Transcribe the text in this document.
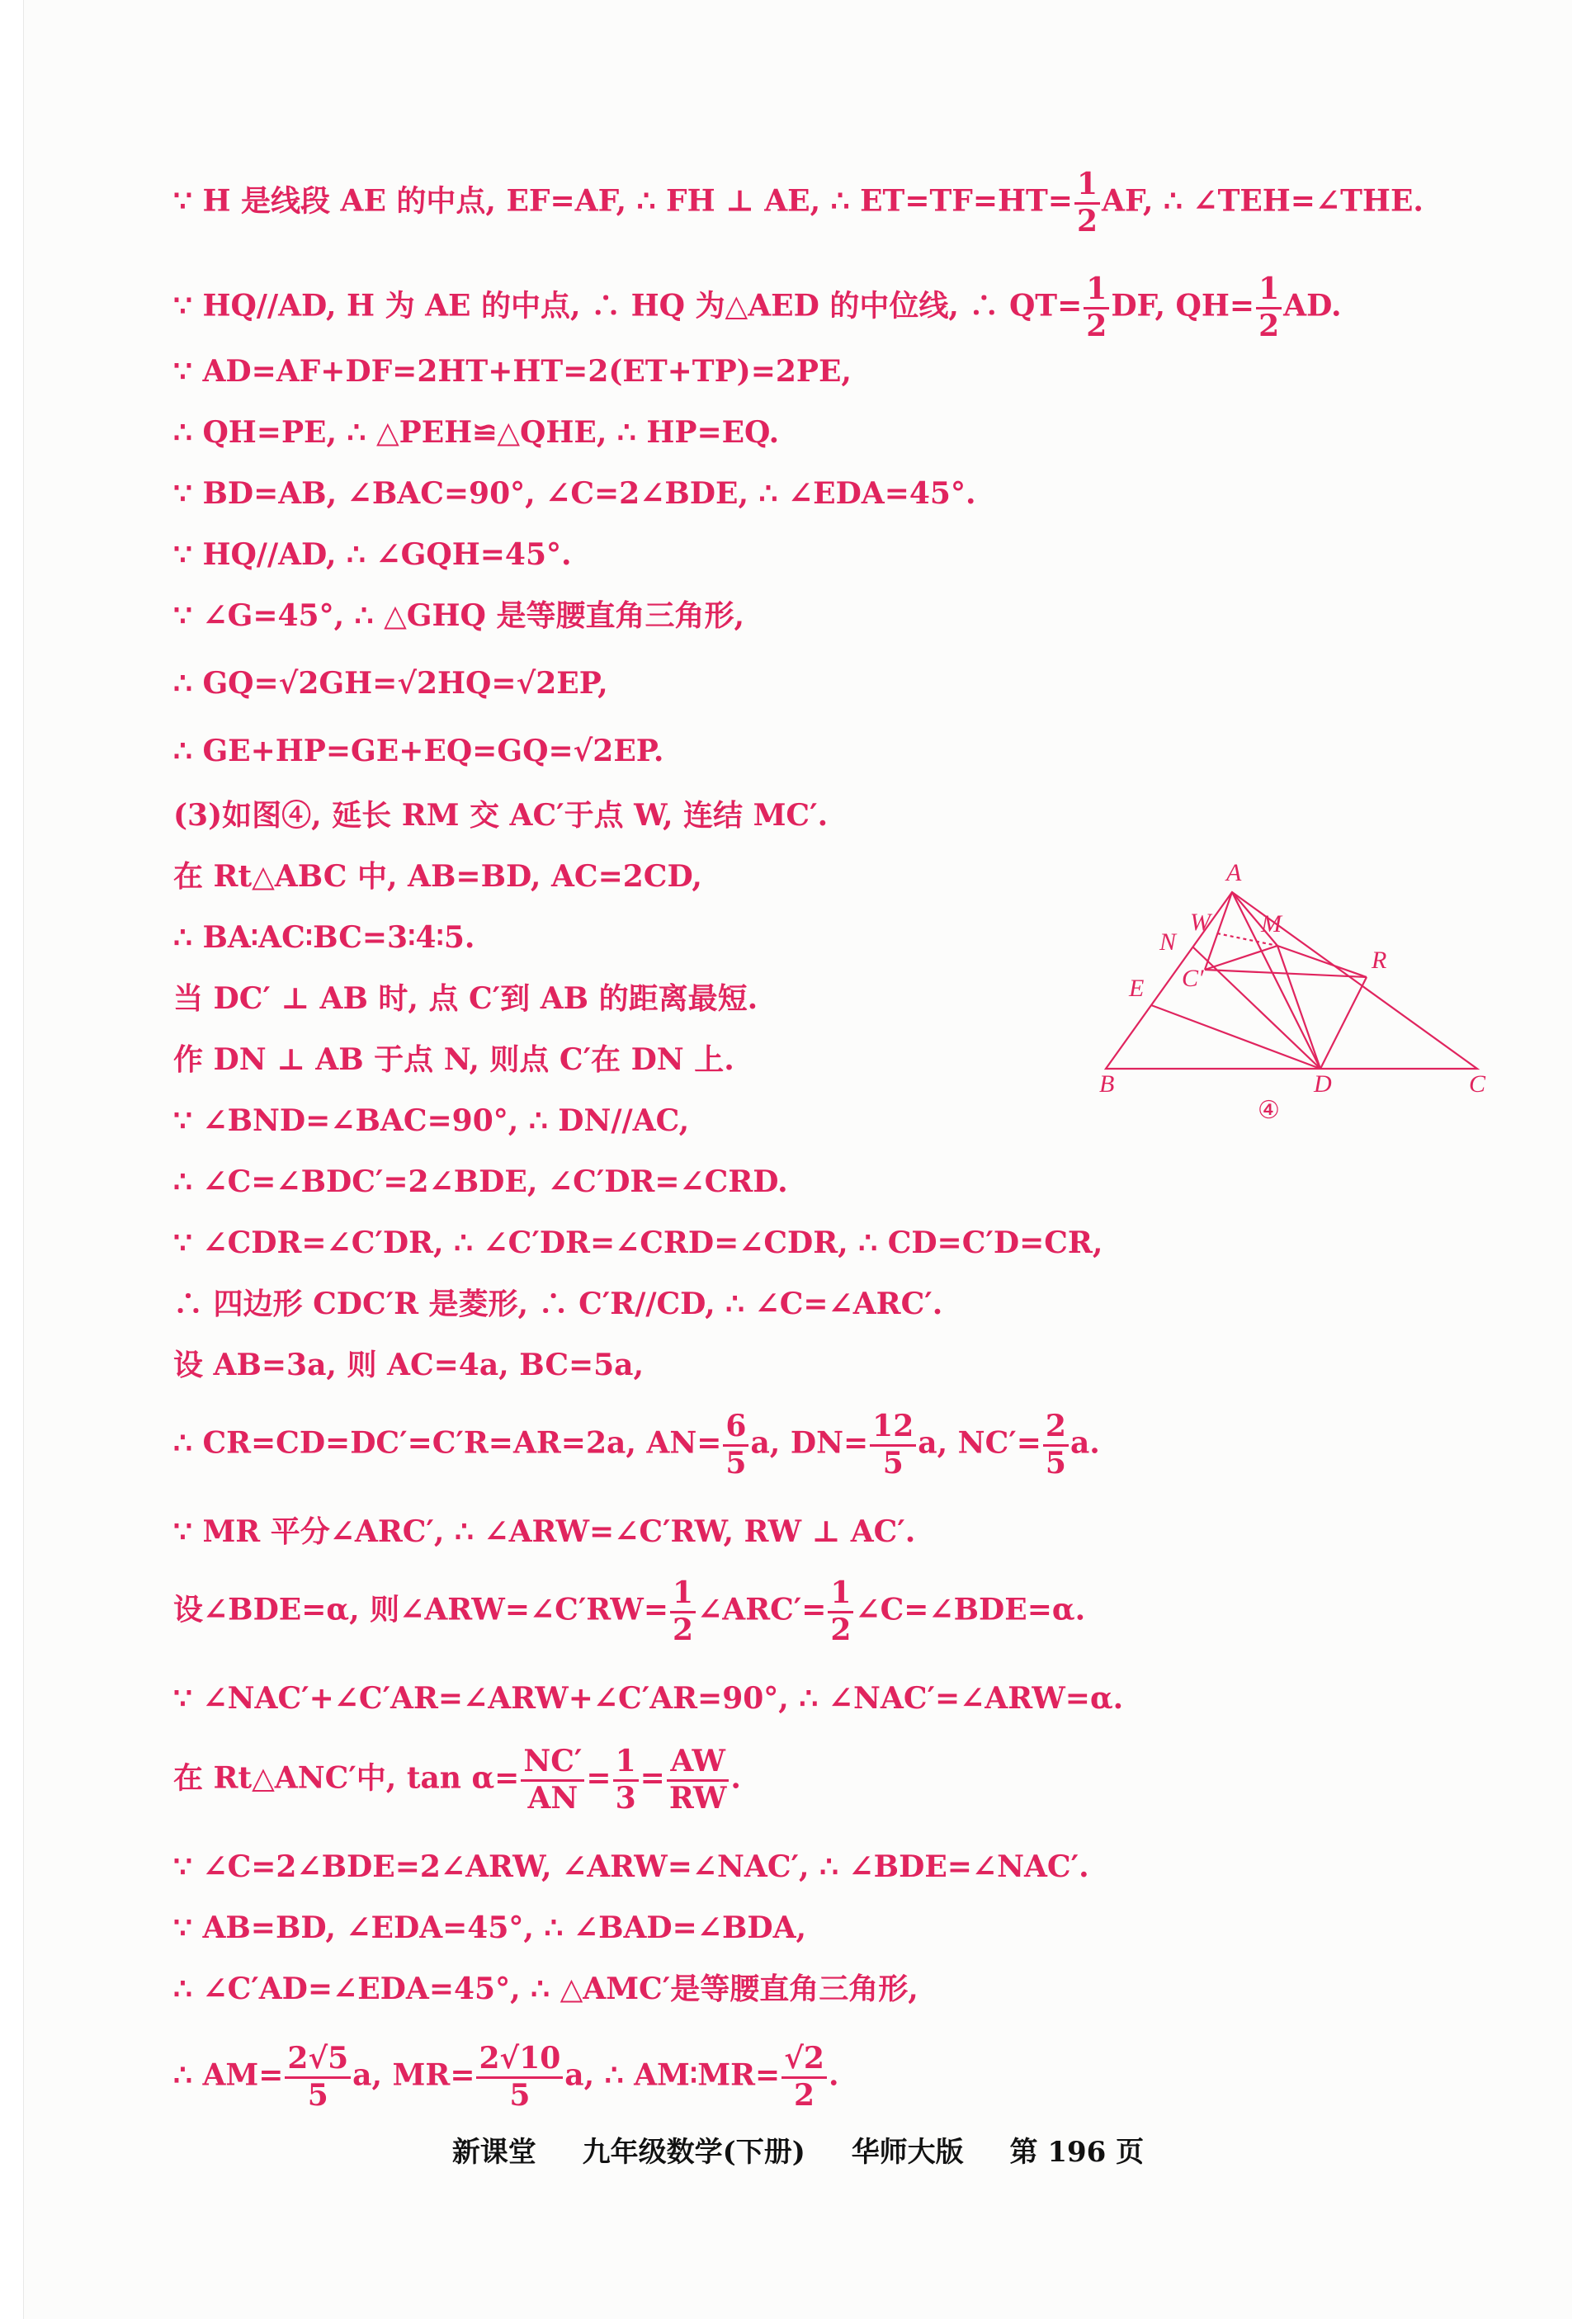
∵ H 是线段 AE 的中点, EF=AF, ∴ FH ⊥ AE, ∴ $ET=TF=HT= \frac{1}{2}$ AF, ∴ ∠TEH=∠THE.
∵ HQ//AD, H 为 AE 的中点, ∴ HQ 为△AED 的中位线, ∴ $QT= \frac{1}{2}$ DF, $QH= \frac{1}{2}$ AD.
∵ AD=AF+DF=2HT+HT=2(ET+TP)=2PE,
∴ QH=PE, ∴ △PEH≌△QHE, ∴ HP=EQ.
∵ BD=AB, ∠BAC=90°, ∠C=2∠BDE, ∴ ∠EDA=45°.
∵ HQ//AD, ∴ ∠GQH=45°.
∵ ∠G=45°, ∴ △GHQ 是等腰直角三角形,
∴ GQ=√2GH=√2HQ=√2EP,
∴ GE+HP=GE+EQ=GQ=√2EP.
(3)如图④, 延长 RM 交 AC′于点 W, 连结 MC′.
在 Rt△ABC 中, AB=BD, AC=2CD,
∴ BA∶AC∶BC=3∶4∶5.
当 DC′ ⊥ AB 时, 点 C′到 AB 的距离最短.
作 DN ⊥ AB 于点 N, 则点 C′在 DN 上.
∵ ∠BND=∠BAC=90°, ∴ DN//AC,
∴ ∠C=∠BDC′=2∠BDE, ∠C′DR=∠CRD.
∵ ∠CDR=∠C′DR, ∴ ∠C′DR=∠CRD=∠CDR, ∴ CD=C′D=CR,
∴ 四边形 CDC′R 是菱形, ∴ C′R//CD, ∴ ∠C=∠ARC′.
设 AB=3a, 则 AC=4a, BC=5a,
∴ CR=CD=DC′=C′R=AR=2a, $AN= \frac{6}{5} a$, $DN= \frac{12}{5} a$, $NC'= \frac{2}{5} a$.
∵ MR 平分∠ARC′, ∴ ∠ARW=∠C′RW, RW ⊥ AC′.
设∠BDE=α, 则∠ARW=∠C′RW= $\frac{1}{2}$ ∠ARC′= $\frac{1}{2}$ ∠C=∠BDE=α.
∵ ∠NAC′+∠C′AR=∠ARW+∠C′AR=90°, ∴ ∠NAC′=∠ARW=α.
在 Rt△ANC′中, $\tan \alpha= \frac{NC'}{AN} = \frac{1}{3} = \frac{AW}{RW}$ .
∵ ∠C=2∠BDE=2∠ARW, ∠ARW=∠NAC′, ∴ ∠BDE=∠NAC′.
∵ AB=BD, ∠EDA=45°, ∴ ∠BAD=∠BDA,
∴ ∠C′AD=∠EDA=45°, ∴ △AMC′是等腰直角三角形,
∴ $AM= \frac{2√5}{5} a$, $MR= \frac{2√10}{5} a$, ∴ AM∶MR= $\frac{√2}{2}$ .
A
B	C
D
E
N
W M
R
C′
④
新课堂 九年级数学(下册) 华师大版 第 196 页
